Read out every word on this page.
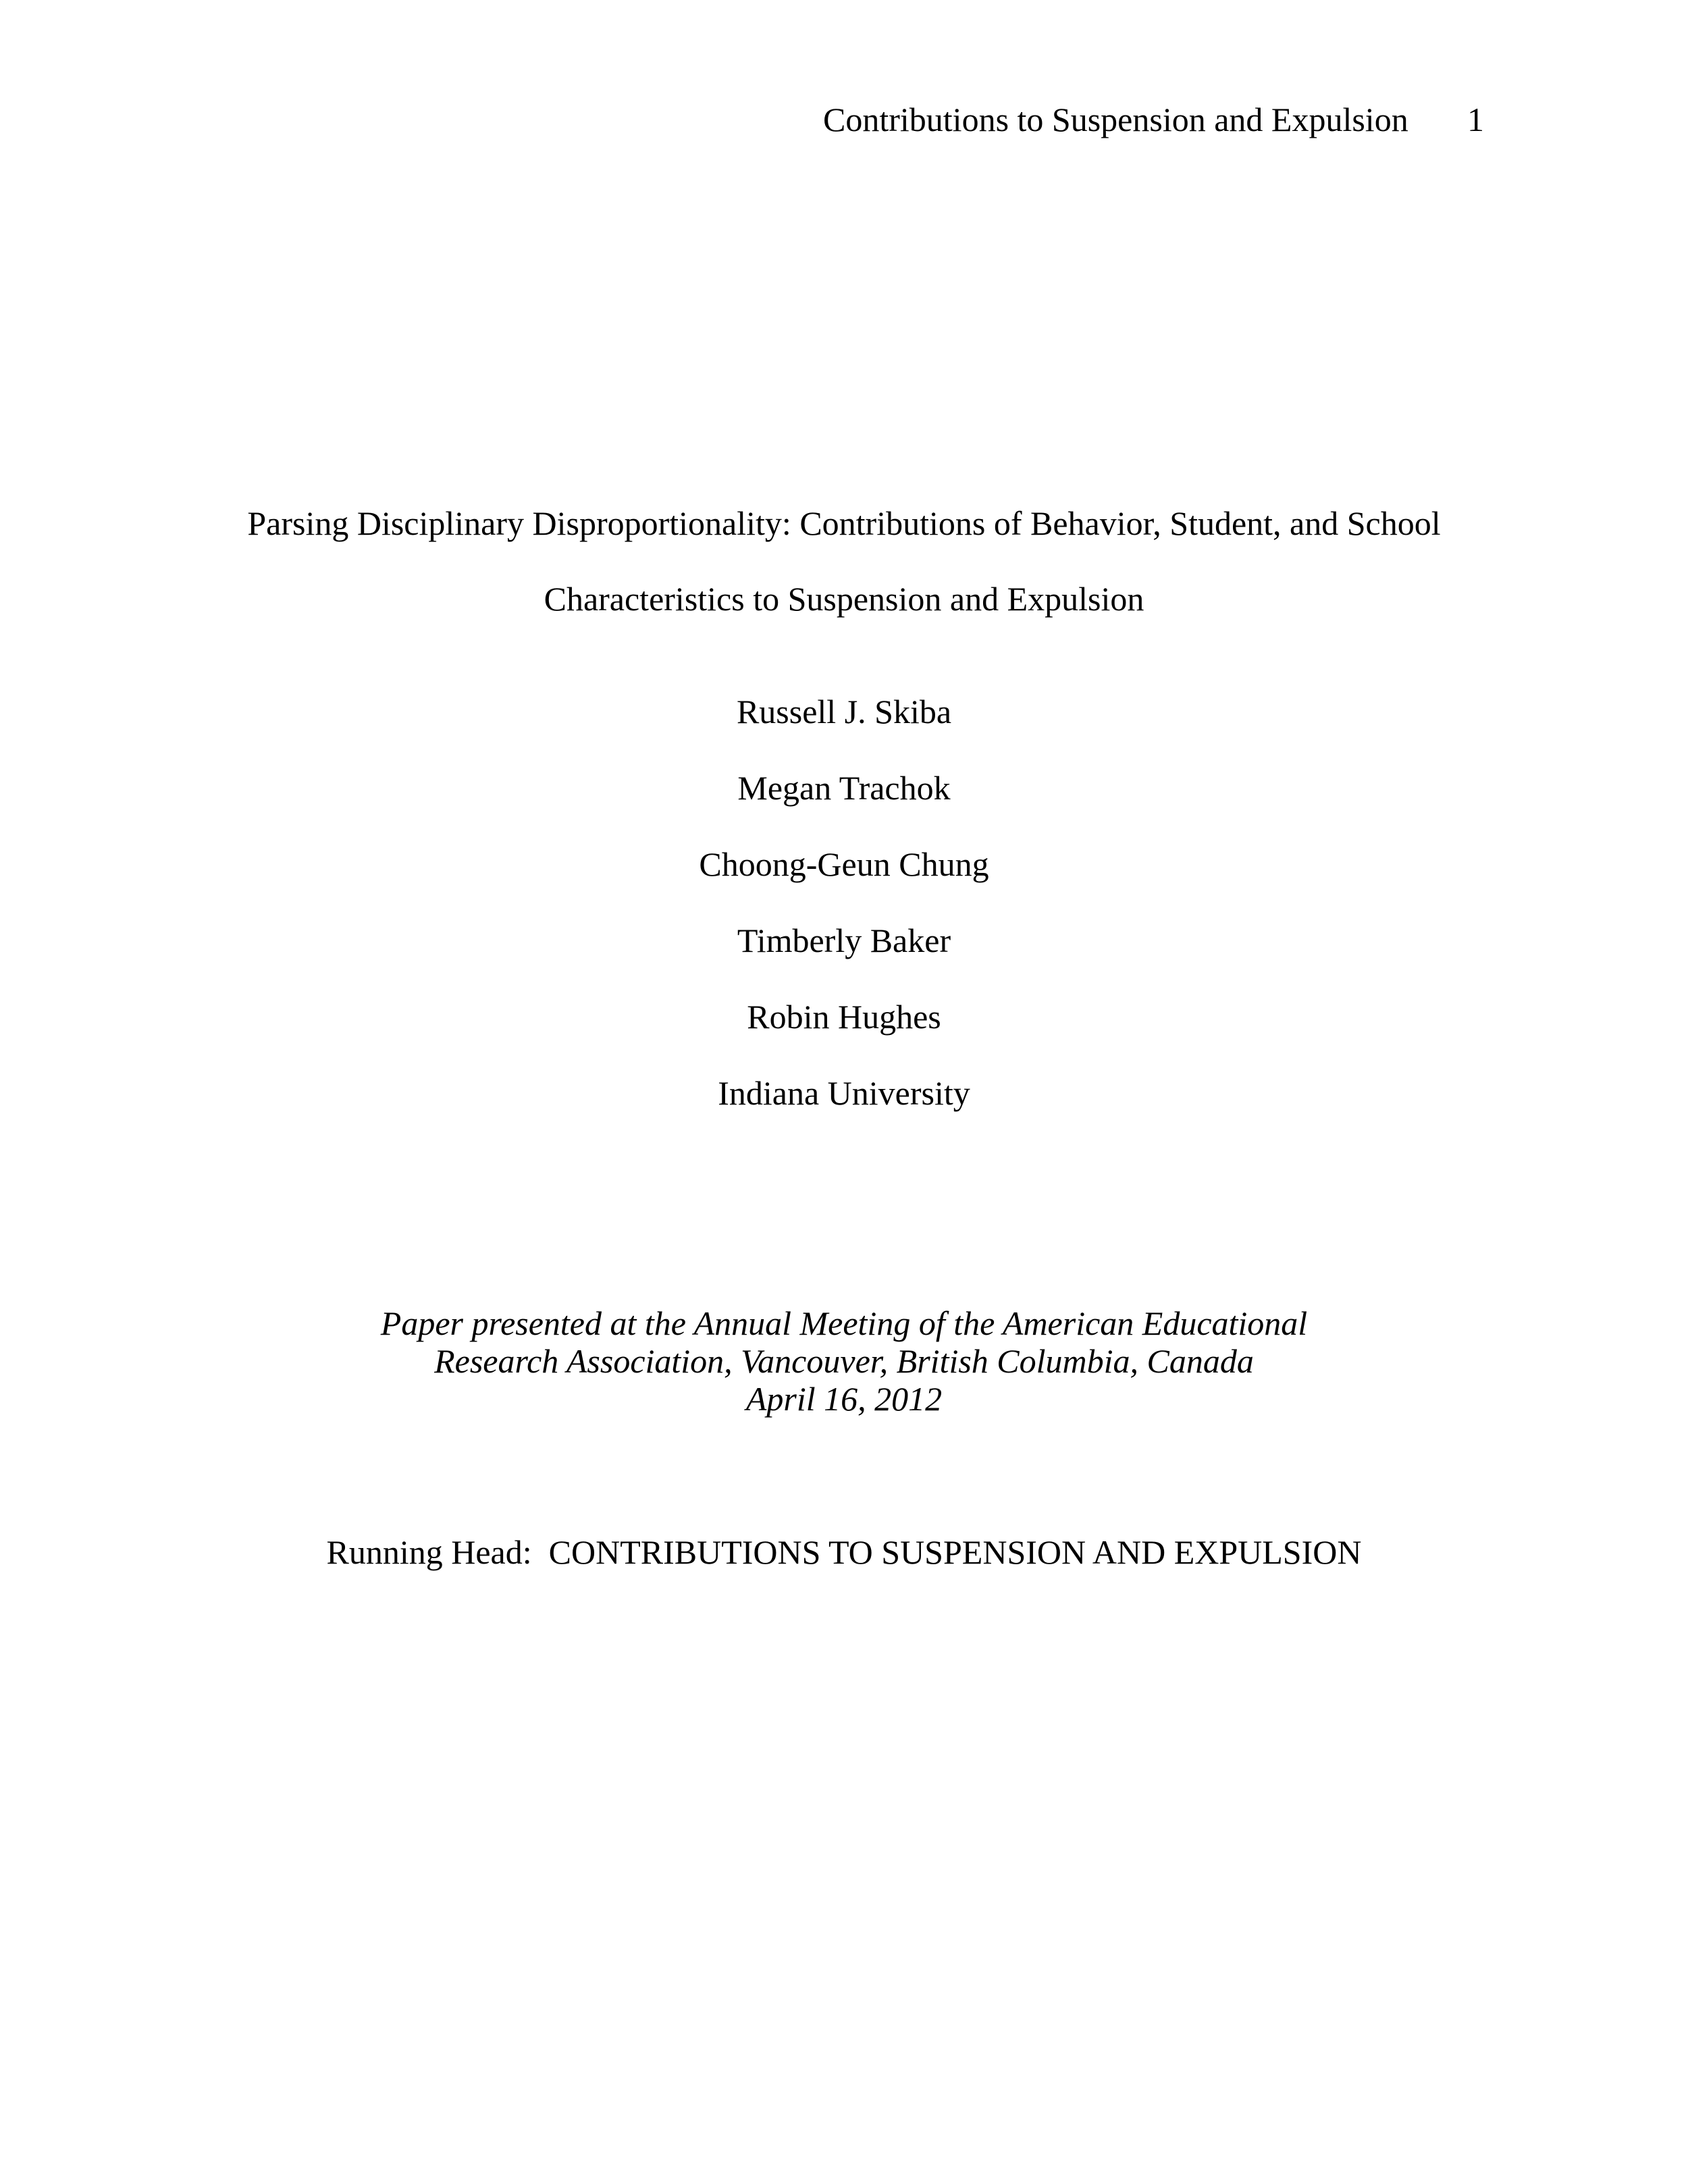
Contributions to Suspension and Expulsion 1
Parsing Disciplinary Disproportionality: Contributions of Behavior, Student, and School
Characteristics to Suspension and Expulsion
Russell J. Skiba
Megan Trachok
Choong-Geun Chung
Timberly Baker
Robin Hughes
Indiana University
Paper presented at the Annual Meeting of the American Educational
Research Association, Vancouver, British Columbia, Canada
April 16, 2012
Running Head: CONTRIBUTIONS TO SUSPENSION AND EXPULSION
